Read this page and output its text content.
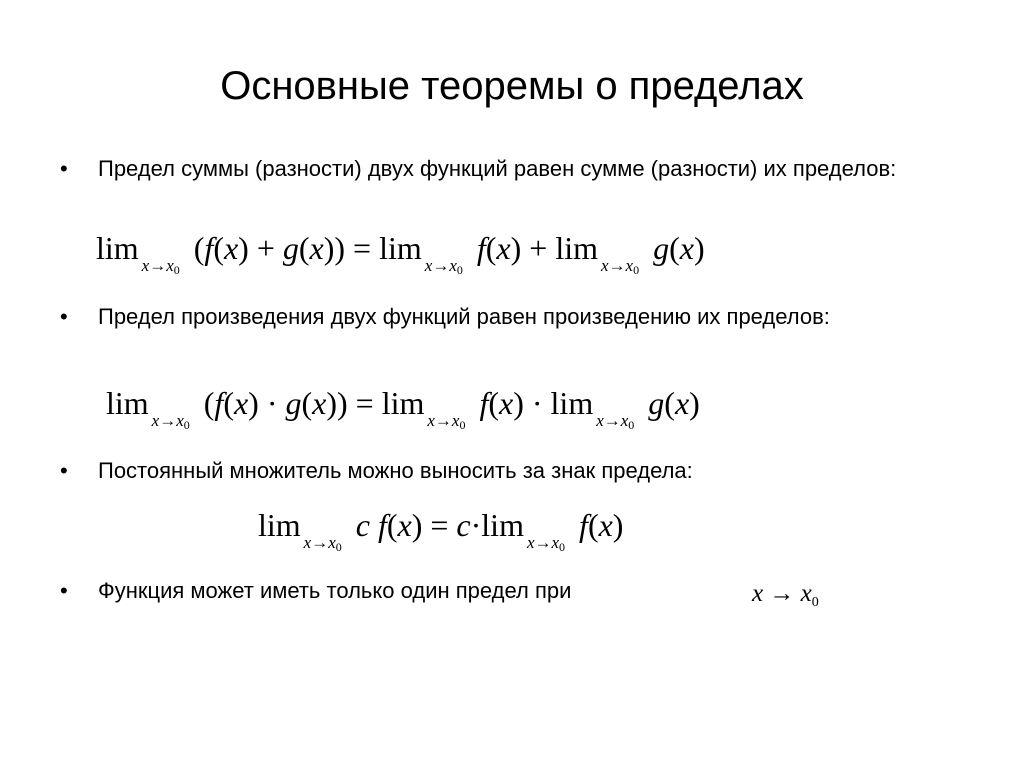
Основные теоремы о пределах
• Предел суммы (разности) двух функций равен сумме (разности) их пределов:
lim $_{x\to x0}$ (f(x) + g(x)) = lim $_{x\to x0}$ f(x) + lim $_{x\to x0}$ g(x)
• Предел произведения двух функций равен произведению их пределов:
lim $_{x\to x0}$ (f(x) · g(x)) = lim $_{x\to x0}$ f(x) · lim $_{x\to x0}$ g(x)
• Постоянный множитель можно выносить за знак предела:
lim $_{x\to x0}$ c f(x) = c·lim $_{x\to x0}$ f(x)
• Функция может иметь только один предел при	$x \to x_0$
